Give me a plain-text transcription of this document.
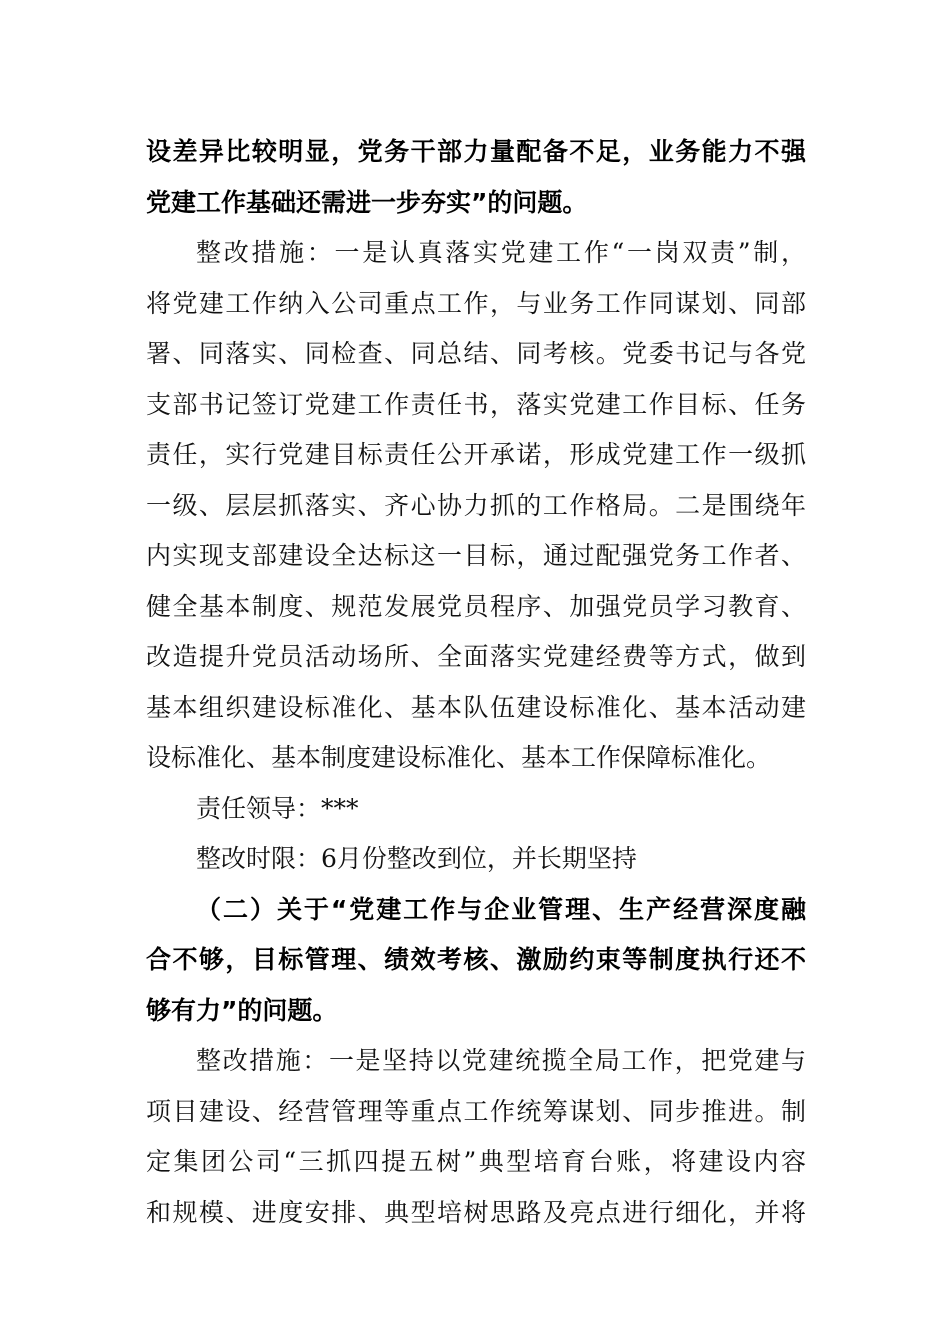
设差异比较明显，党务干部力量配备不足，业务能力不强
党建工作基础还需进一步夯实”的问题。
整改措施：一是认真落实党建工作“一岗双责”制，
将党建工作纳入公司重点工作，与业务工作同谋划、同部
署、同落实、同检查、同总结、同考核。党委书记与各党
支部书记签订党建工作责任书，落实党建工作目标、任务
责任，实行党建目标责任公开承诺，形成党建工作一级抓
一级、层层抓落实、齐心协力抓的工作格局。二是围绕年
内实现支部建设全达标这一目标，通过配强党务工作者、
健全基本制度、规范发展党员程序、加强党员学习教育、
改造提升党员活动场所、全面落实党建经费等方式，做到
基本组织建设标准化、基本队伍建设标准化、基本活动建
设标准化、基本制度建设标准化、基本工作保障标准化。
责任领导：***
整改时限：6月份整改到位，并长期坚持
（二）关于“党建工作与企业管理、生产经营深度融
合不够，目标管理、绩效考核、激励约束等制度执行还不
够有力”的问题。
整改措施：一是坚持以党建统揽全局工作，把党建与
项目建设、经营管理等重点工作统筹谋划、同步推进。制
定集团公司“三抓四提五树”典型培育台账，将建设内容
和规模、进度安排、典型培树思路及亮点进行细化，并将
